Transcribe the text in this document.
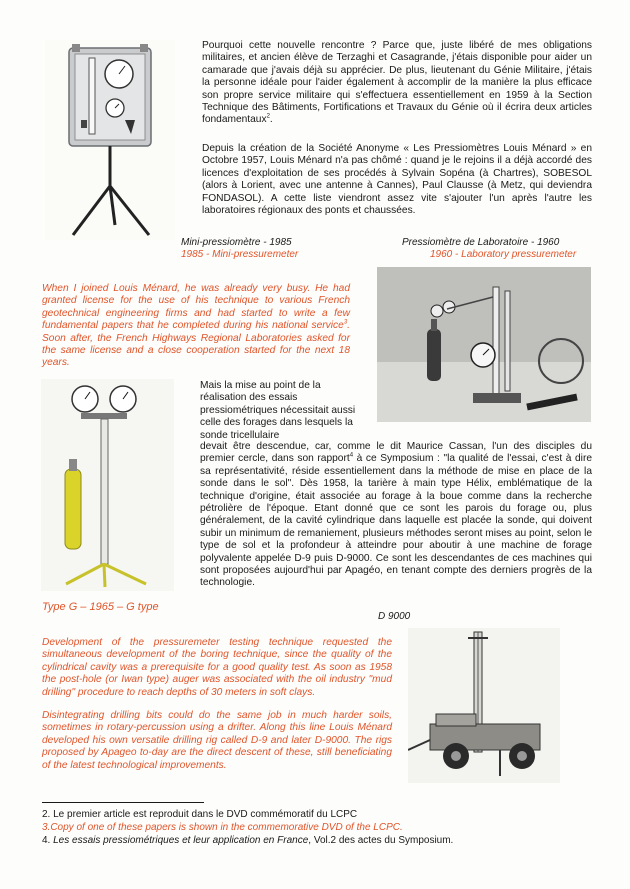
Pourquoi cette nouvelle rencontre ? Parce que, juste libéré de mes obligations militaires, et ancien élève de Terzaghi et Casagrande, j'étais disponible pour aider un camarade que j'avais déjà su apprécier. De plus, lieutenant du Génie Militaire, j'étais la personne idéale pour l'aider également à accomplir de la manière la plus efficace son propre service militaire qui s'effectuera essentiellement en 1959 à la Section Technique des Bâtiments, Fortifications et Travaux du Génie où il écrira deux articles fondamentaux$^2$.

Depuis la création de la Société Anonyme « Les Pressiomètres Louis Ménard » en Octobre 1957, Louis Ménard n'a pas chômé : quand je le rejoins il a déjà accordé des licences d'exploitation de ses procédés à Sylvain Sopéna (à Chartres), SOBESOL (alors à Lorient, avec une antenne à Cannes), Paul Clausse (à Metz, qui deviendra FONDASOL). A cette liste viendront assez vite s'ajouter l'un après l'autre les laboratoires régionaux des ponts et chaussées.

Mini-pressiomètre - 1985
1985 - Mini-pressuremeter
Pressiomètre de Laboratoire - 1960
1960 - Laboratory pressuremeter

When I joined Louis Ménard, he was already very busy. He had granted license for the use of his technique to various French geotechnical engineering firms and had started to write a few fundamental papers that he completed during his national service$^3$. Soon after, the French Highways Regional Laboratories asked for the same license and a close cooperation started for the next 18 years.

Mais la mise au point de la réalisation des essais pressiométriques nécessitait aussi celle des forages dans lesquels la sonde tricellulaire

devait être descendue, car, comme le dit Maurice Cassan, l'un des disciples du premier cercle, dans son rapport$^4$ à ce Symposium : "la qualité de l'essai, c'est à dire sa représentativité, réside essentiellement dans la méthode de mise en place de la sonde dans le sol". Dès 1958, la tarière à main type Hélix, emblématique de la technique d'origine, était associée au forage à la boue comme dans la recherche pétrolière de l'époque. Etant donné que ce sont les parois du forage ou, plus généralement, de la cavité cylindrique dans laquelle est placée la sonde, qui doivent subir un minimum de remaniement, plusieurs méthodes seront mises au point, selon le type de sol et la profondeur à atteindre pour aboutir à une machine de forage polyvalente appelée D-9 puis D-9000. Ce sont les descendantes de ces machines qui sont proposées aujourd'hui par Apagéo, en tenant compte des derniers progrès de la technologie.

Type G – 1965 – G type
D 9000

Development of the pressuremeter testing technique requested the simultaneous development of the boring technique, since the quality of the cylindrical cavity was a prerequisite for a good quality test. As soon as 1958 the post-hole (or Iwan type) auger was associated with the oil industry "mud drilling" procedure to reach depths of 30 meters in soft clays.

Disintegrating drilling bits could do the same job in much harder soils, sometimes in rotary-percussion using a drifter. Along this line Louis Ménard developed his own versatile drilling rig called D-9 and later D-9000. The rigs proposed by Apageo to-day are the direct descent of these, still beneficiating of the latest technological improvements.

2. Le premier article est reproduit dans le DVD commémoratif du LCPC

3.Copy of one of these papers is shown in the commemorative DVD of the LCPC.

4. Les essais pressiométriques et leur application en France, Vol.2 des actes du Symposium.
